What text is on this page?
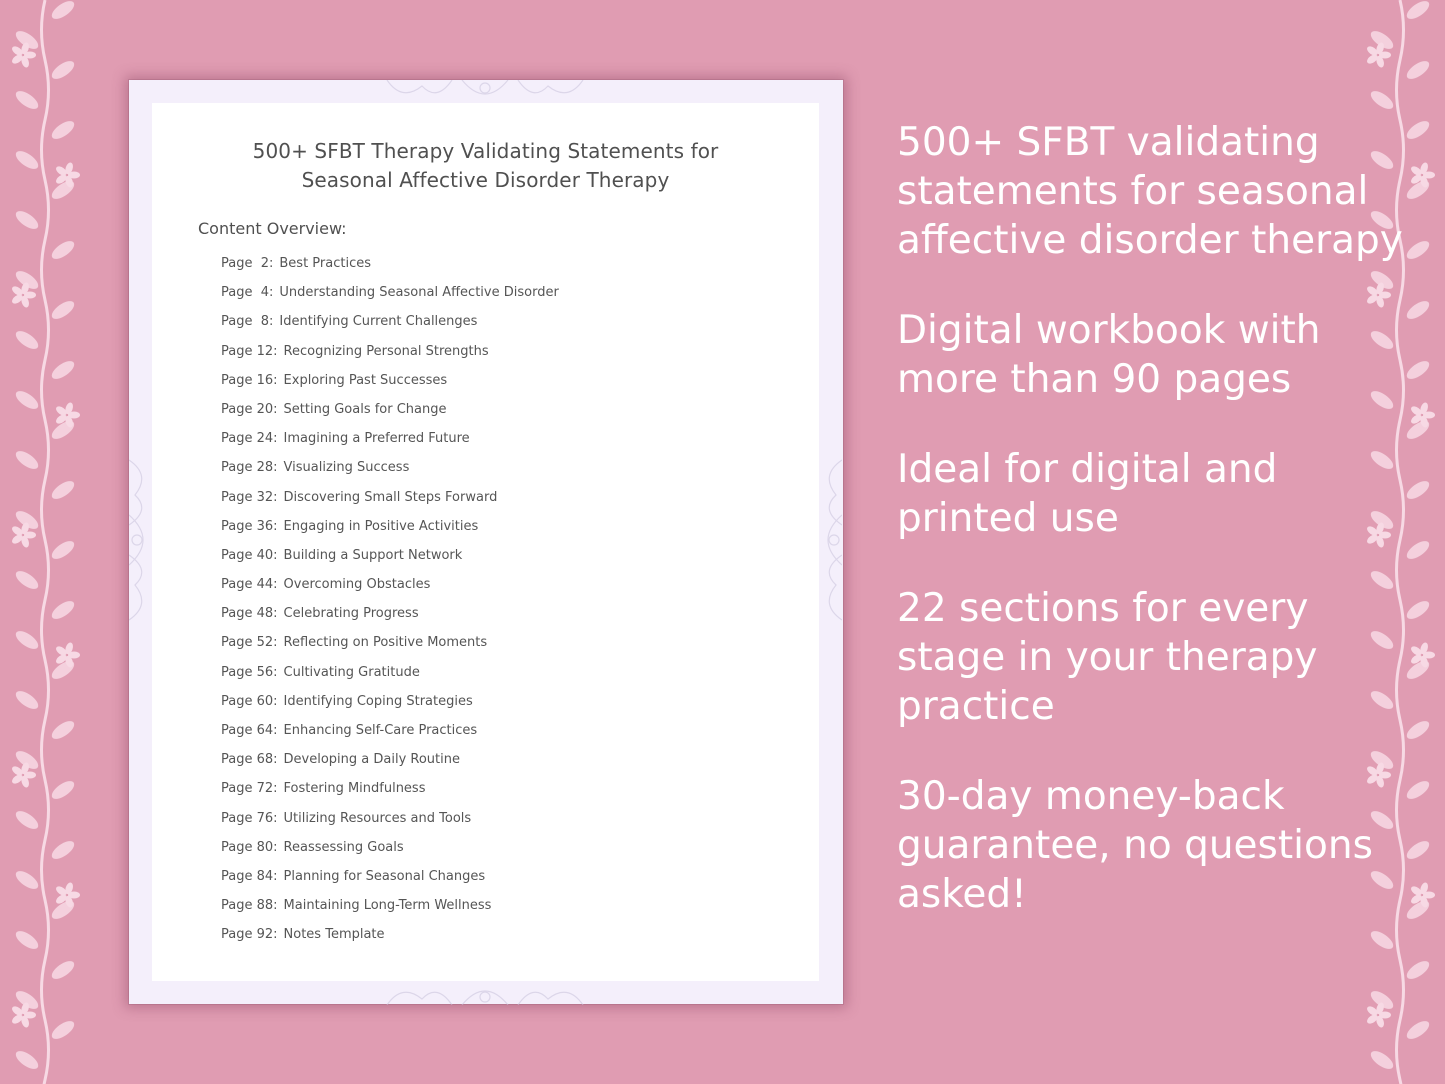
500+ SFBT Therapy Validating Statements for
Seasonal Affective Disorder Therapy
Content Overview:
Page  2: Best Practices
Page  4: Understanding Seasonal Affective Disorder
Page  8: Identifying Current Challenges
Page 12: Recognizing Personal Strengths
Page 16: Exploring Past Successes
Page 20: Setting Goals for Change
Page 24: Imagining a Preferred Future
Page 28: Visualizing Success
Page 32: Discovering Small Steps Forward
Page 36: Engaging in Positive Activities
Page 40: Building a Support Network
Page 44: Overcoming Obstacles
Page 48: Celebrating Progress
Page 52: Reflecting on Positive Moments
Page 56: Cultivating Gratitude
Page 60: Identifying Coping Strategies
Page 64: Enhancing Self-Care Practices
Page 68: Developing a Daily Routine
Page 72: Fostering Mindfulness
Page 76: Utilizing Resources and Tools
Page 80: Reassessing Goals
Page 84: Planning for Seasonal Changes
Page 88: Maintaining Long-Term Wellness
Page 92: Notes Template

500+ SFBT validating statements for seasonal affective disorder therapy

Digital workbook with more than 90 pages

Ideal for digital and printed use

22 sections for every stage in your therapy practice

30-day money-back guarantee, no questions asked!
